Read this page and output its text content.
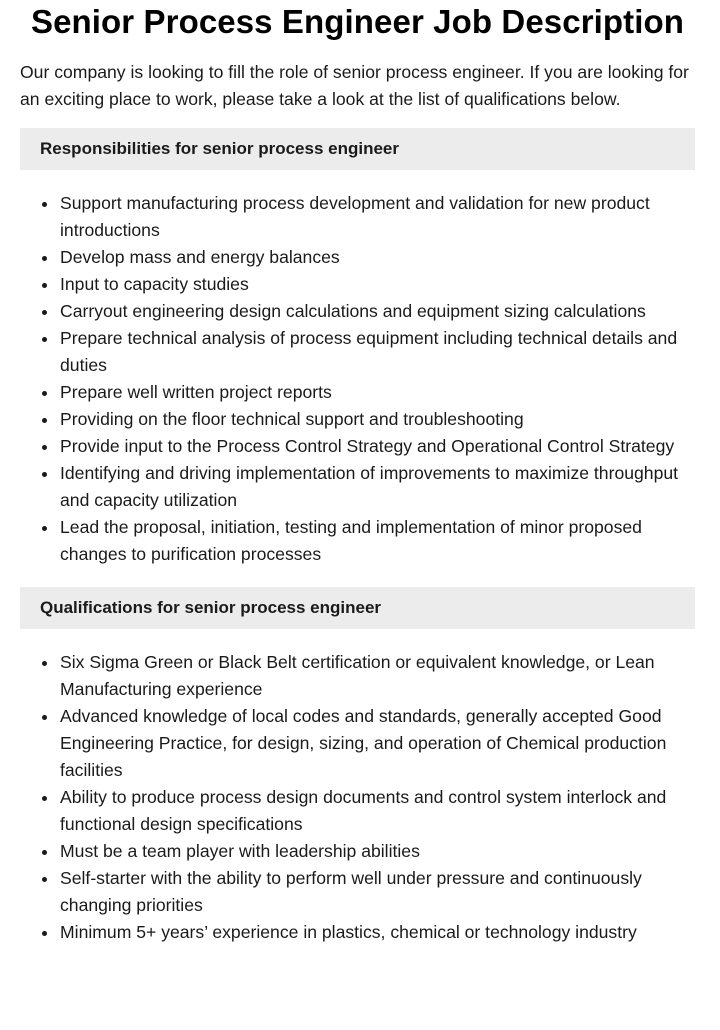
Senior Process Engineer Job Description

Our company is looking to fill the role of senior process engineer. If you are looking for an exciting place to work, please take a look at the list of qualifications below.

Responsibilities for senior process engineer
Support manufacturing process development and validation for new product introductions
Develop mass and energy balances
Input to capacity studies
Carryout engineering design calculations and equipment sizing calculations
Prepare technical analysis of process equipment including technical details and duties
Prepare well written project reports
Providing on the floor technical support and troubleshooting
Provide input to the Process Control Strategy and Operational Control Strategy
Identifying and driving implementation of improvements to maximize throughput and capacity utilization
Lead the proposal, initiation, testing and implementation of minor proposed changes to purification processes
Qualifications for senior process engineer
Six Sigma Green or Black Belt certification or equivalent knowledge, or Lean Manufacturing experience
Advanced knowledge of local codes and standards, generally accepted Good Engineering Practice, for design, sizing, and operation of Chemical production facilities
Ability to produce process design documents and control system interlock and functional design specifications
Must be a team player with leadership abilities
Self-starter with the ability to perform well under pressure and continuously changing priorities
Minimum 5+ years’ experience in plastics, chemical or technology industry
